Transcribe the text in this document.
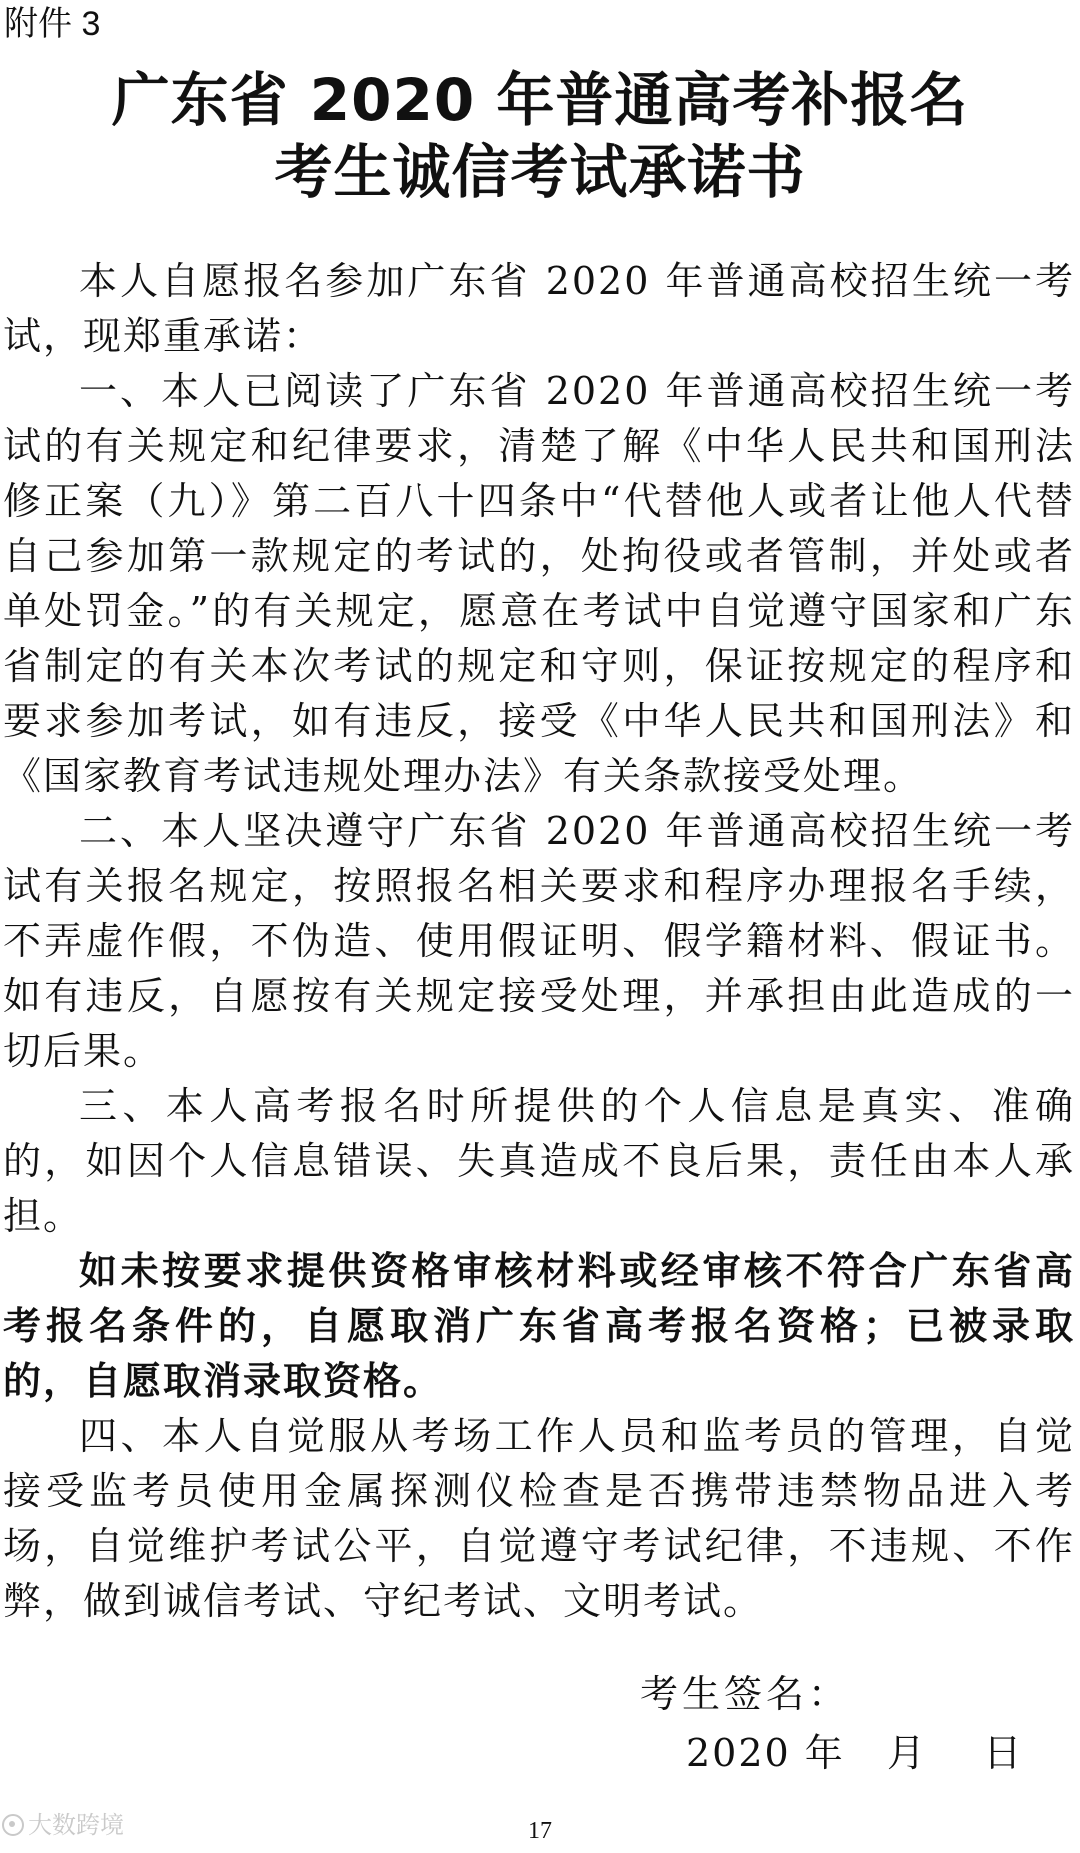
附件 3
广东省 2020 年普通高考补报名
考生诚信考试承诺书

本人自愿报名参加广东省 2020 年普通高校招生统一考试，现郑重承诺：

一、本人已阅读了广东省 2020 年普通高校招生统一考试的有关规定和纪律要求，清楚了解《中华人民共和国刑法修正案（九）》第二百八十四条中“代替他人或者让他人代替自己参加第一款规定的考试的，处拘役或者管制，并处或者单处罚金。”的有关规定，愿意在考试中自觉遵守国家和广东省制定的有关本次考试的规定和守则，保证按规定的程序和要求参加考试，如有违反，接受《中华人民共和国刑法》和《国家教育考试违规处理办法》有关条款接受处理。

二、本人坚决遵守广东省 2020 年普通高校招生统一考试有关报名规定，按照报名相关要求和程序办理报名手续，不弄虚作假，不伪造、使用假证明、假学籍材料、假证书。如有违反，自愿按有关规定接受处理，并承担由此造成的一切后果。

三、本人高考报名时所提供的个人信息是真实、准确的，如因个人信息错误、失真造成不良后果，责任由本人承担。

如未按要求提供资格审核材料或经审核不符合广东省高考报名条件的，自愿取消广东省高考报名资格；已被录取的，自愿取消录取资格。

四、本人自觉服从考场工作人员和监考员的管理，自觉接受监考员使用金属探测仪检查是否携带违禁物品进入考场，自觉维护考试公平，自觉遵守考试纪律，不违规、不作弊，做到诚信考试、守纪考试、文明考试。

考生签名：
2020 年   月    日
大数跨境	17
